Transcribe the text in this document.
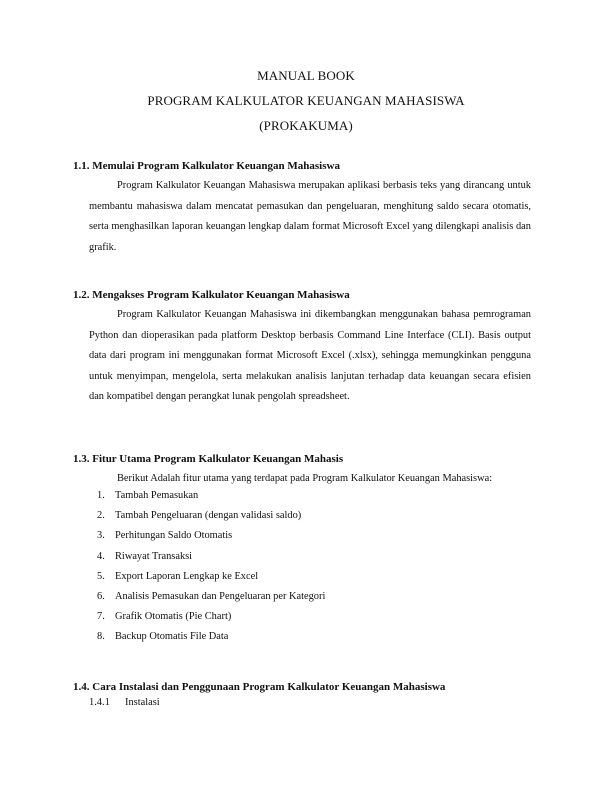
MANUAL BOOK
PROGRAM KALKULATOR KEUANGAN MAHASISWA
(PROKAKUMA)
1.1. Memulai Program Kalkulator Keuangan Mahasiswa

Program Kalkulator Keuangan Mahasiswa merupakan aplikasi berbasis teks yang dirancang untuk membantu mahasiswa dalam mencatat pemasukan dan pengeluaran, menghitung saldo secara otomatis, serta menghasilkan laporan keuangan lengkap dalam format Microsoft Excel yang dilengkapi analisis dan grafik.

1.2. Mengakses Program Kalkulator Keuangan Mahasiswa

Program Kalkulator Keuangan Mahasiswa ini dikembangkan menggunakan bahasa pemrograman Python dan dioperasikan pada platform Desktop berbasis Command Line Interface (CLI). Basis output data dari program ini menggunakan format Microsoft Excel (.xlsx), sehingga memungkinkan pengguna untuk menyimpan, mengelola, serta melakukan analisis lanjutan terhadap data keuangan secara efisien dan kompatibel dengan perangkat lunak pengolah spreadsheet.

1.3. Fitur Utama Program Kalkulator Keuangan Mahasis
Berikut Adalah fitur utama yang terdapat pada Program Kalkulator Keuangan Mahasiswa:
1. Tambah Pemasukan
2. Tambah Pengeluaran (dengan validasi saldo)
3. Perhitungan Saldo Otomatis
4. Riwayat Transaksi
5. Export Laporan Lengkap ke Excel
6. Analisis Pemasukan dan Pengeluaran per Kategori
7. Grafik Otomatis (Pie Chart)
8. Backup Otomatis File Data
1.4. Cara Instalasi dan Penggunaan Program Kalkulator Keuangan Mahasiswa
1.4.1 Instalasi
